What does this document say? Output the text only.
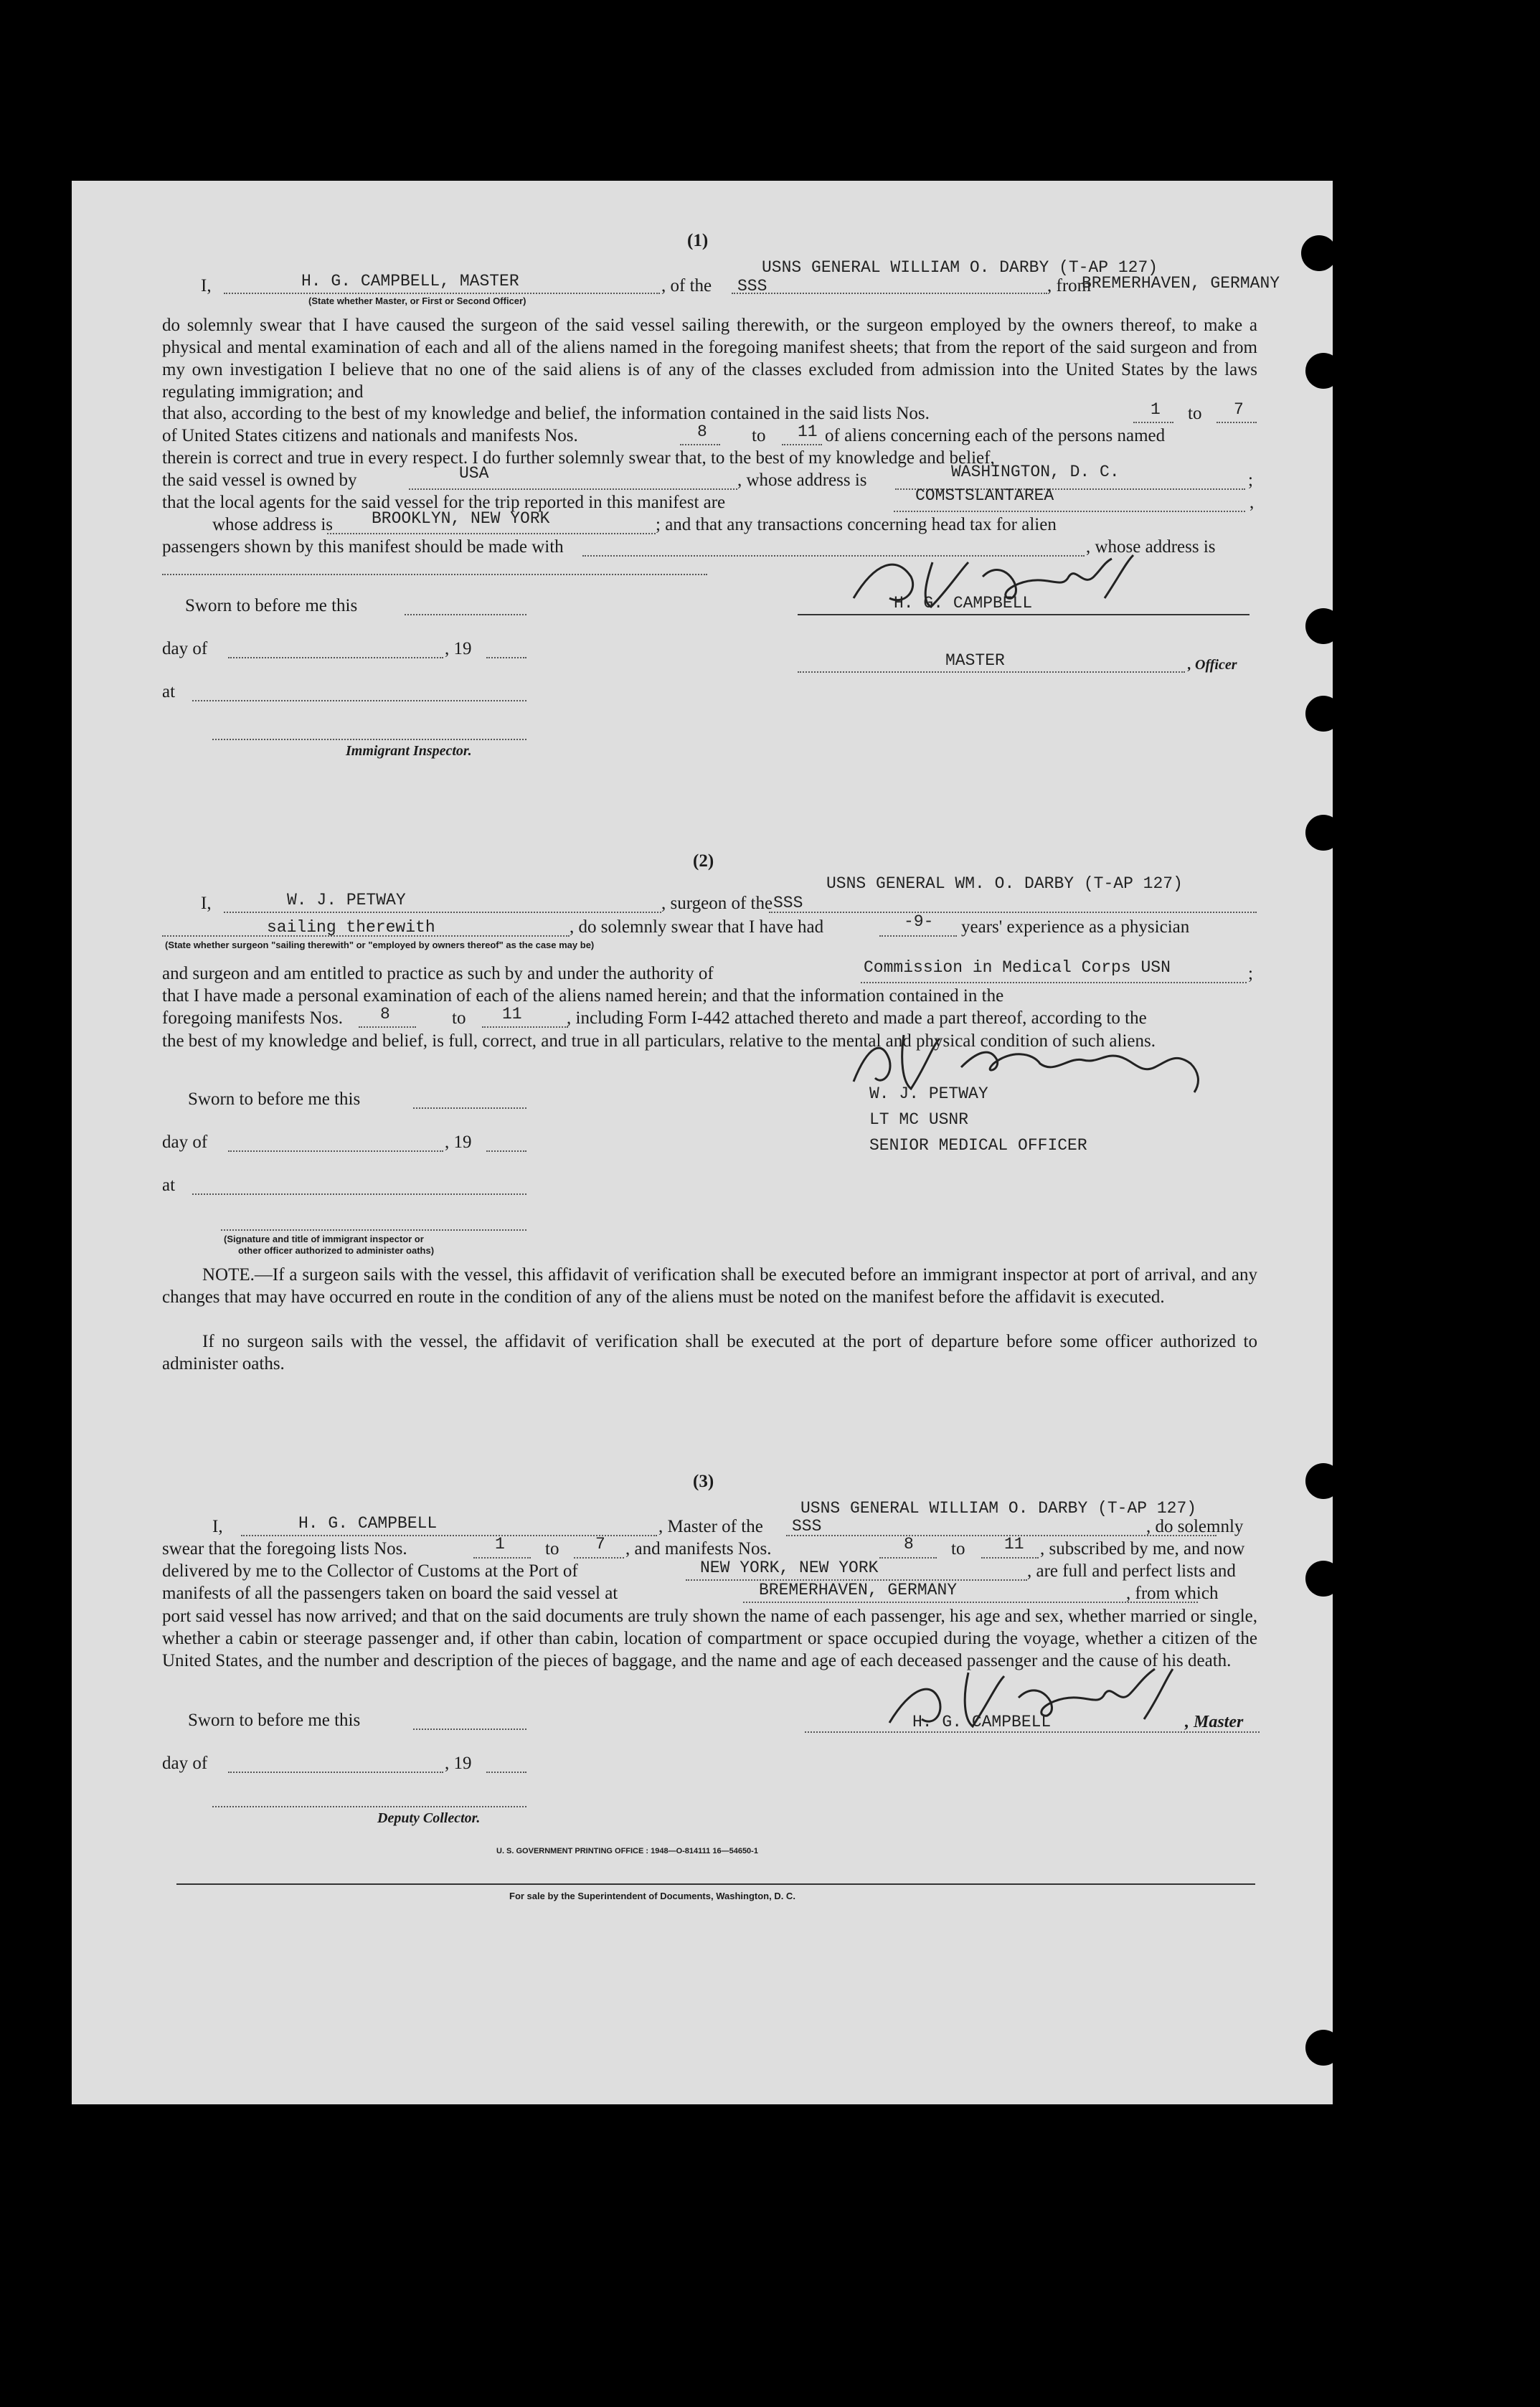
(1)
USNS GENERAL WILLIAM O. DARBY (T-AP 127)
I,	H. G. CAMPBELL, MASTER	, of the SSS	, from
BREMERHAVEN, GERMANY
(State whether Master, or First or Second Officer)
do solemnly swear that I have caused the surgeon of the said vessel sailing therewith, or the surgeon employed by the owners thereof, to make a physical and mental examination of each and all of the aliens named in the foregoing manifest sheets; that from the report of the said surgeon and from my own investigation I believe that no one of the said aliens is of any of the classes excluded from admission into the United States by the laws regulating immigration; and
that also, according to the best of my knowledge and belief, the information contained in the said lists Nos.	1 to 7
of United States citizens and nationals and manifests Nos.	8 to 11 of aliens concerning each of the persons named
therein is correct and true in every respect. I do further solemnly swear that, to the best of my knowledge and belief,
the said vessel is owned by	USA	, whose address is	WASHINGTON, D. C.	;
that the local agents for the said vessel for the trip reported in this manifest are	COMSTSLANTAREA	,
whose address is BROOKLYN, NEW YORK	; and that any transactions concerning head tax for alien
passengers shown by this manifest should be made with	, whose address is
Sworn to before me this
day of	, 19
at
Immigrant Inspector.
H. G. CAMPBELL
MASTER	, Officer
(2)
USNS GENERAL WM. O. DARBY (T-AP 127)
I,	W. J. PETWAY	, surgeon of the SSS
sailing therewith	, do solemnly swear that I have had	-9- years' experience as a physician
(State whether surgeon "sailing therewith" or "employed by owners thereof" as the case may be)
and surgeon and am entitled to practice as such by and under the authority of	Commission in Medical Corps USN	;
that I have made a personal examination of each of the aliens named herein; and that the information contained in the
foregoing manifests Nos. 8	to 11 , including Form I-442 attached thereto and made a part thereof, according to the
the best of my knowledge and belief, is full, correct, and true in all particulars, relative to the mental and physical condition of such aliens.
Sworn to before me this
day of	, 19
at
(Signature and title of immigrant inspector or
other officer authorized to administer oaths)
W. J. PETWAY
LT MC USNR
SENIOR MEDICAL OFFICER
NOTE.—If a surgeon sails with the vessel, this affidavit of verification shall be executed before an immigrant inspector at port of arrival, and any changes that may have occurred en route in the condition of any of the aliens must be noted on the manifest before the affidavit is executed.
If no surgeon sails with the vessel, the affidavit of verification shall be executed at the port of departure before some officer authorized to administer oaths.
(3)
USNS GENERAL WILLIAM O. DARBY (T-AP 127)
I,	H. G. CAMPBELL	, Master of the SSS	, do solemnly
swear that the foregoing lists Nos.	1 to 7 , and manifests Nos.	8 to 11 , subscribed by me, and now
delivered by me to the Collector of Customs at the Port of	NEW YORK, NEW YORK	, are full and perfect lists and
manifests of all the passengers taken on board the said vessel at	BREMERHAVEN, GERMANY	, from which
port said vessel has now arrived; and that on the said documents are truly shown the name of each passenger, his age and sex, whether married or single, whether a cabin or steerage passenger and, if other than cabin, location of compartment or space occupied during the voyage, whether a citizen of the United States, and the number and description of the pieces of baggage, and the name and age of each deceased passenger and the cause of his death.
Sworn to before me this
day of	, 19
Deputy Collector.
H. G. CAMPBELL	, Master
U. S. GOVERNMENT PRINTING OFFICE : 1948—O-814111 16—54650-1
For sale by the Superintendent of Documents, Washington, D. C.
